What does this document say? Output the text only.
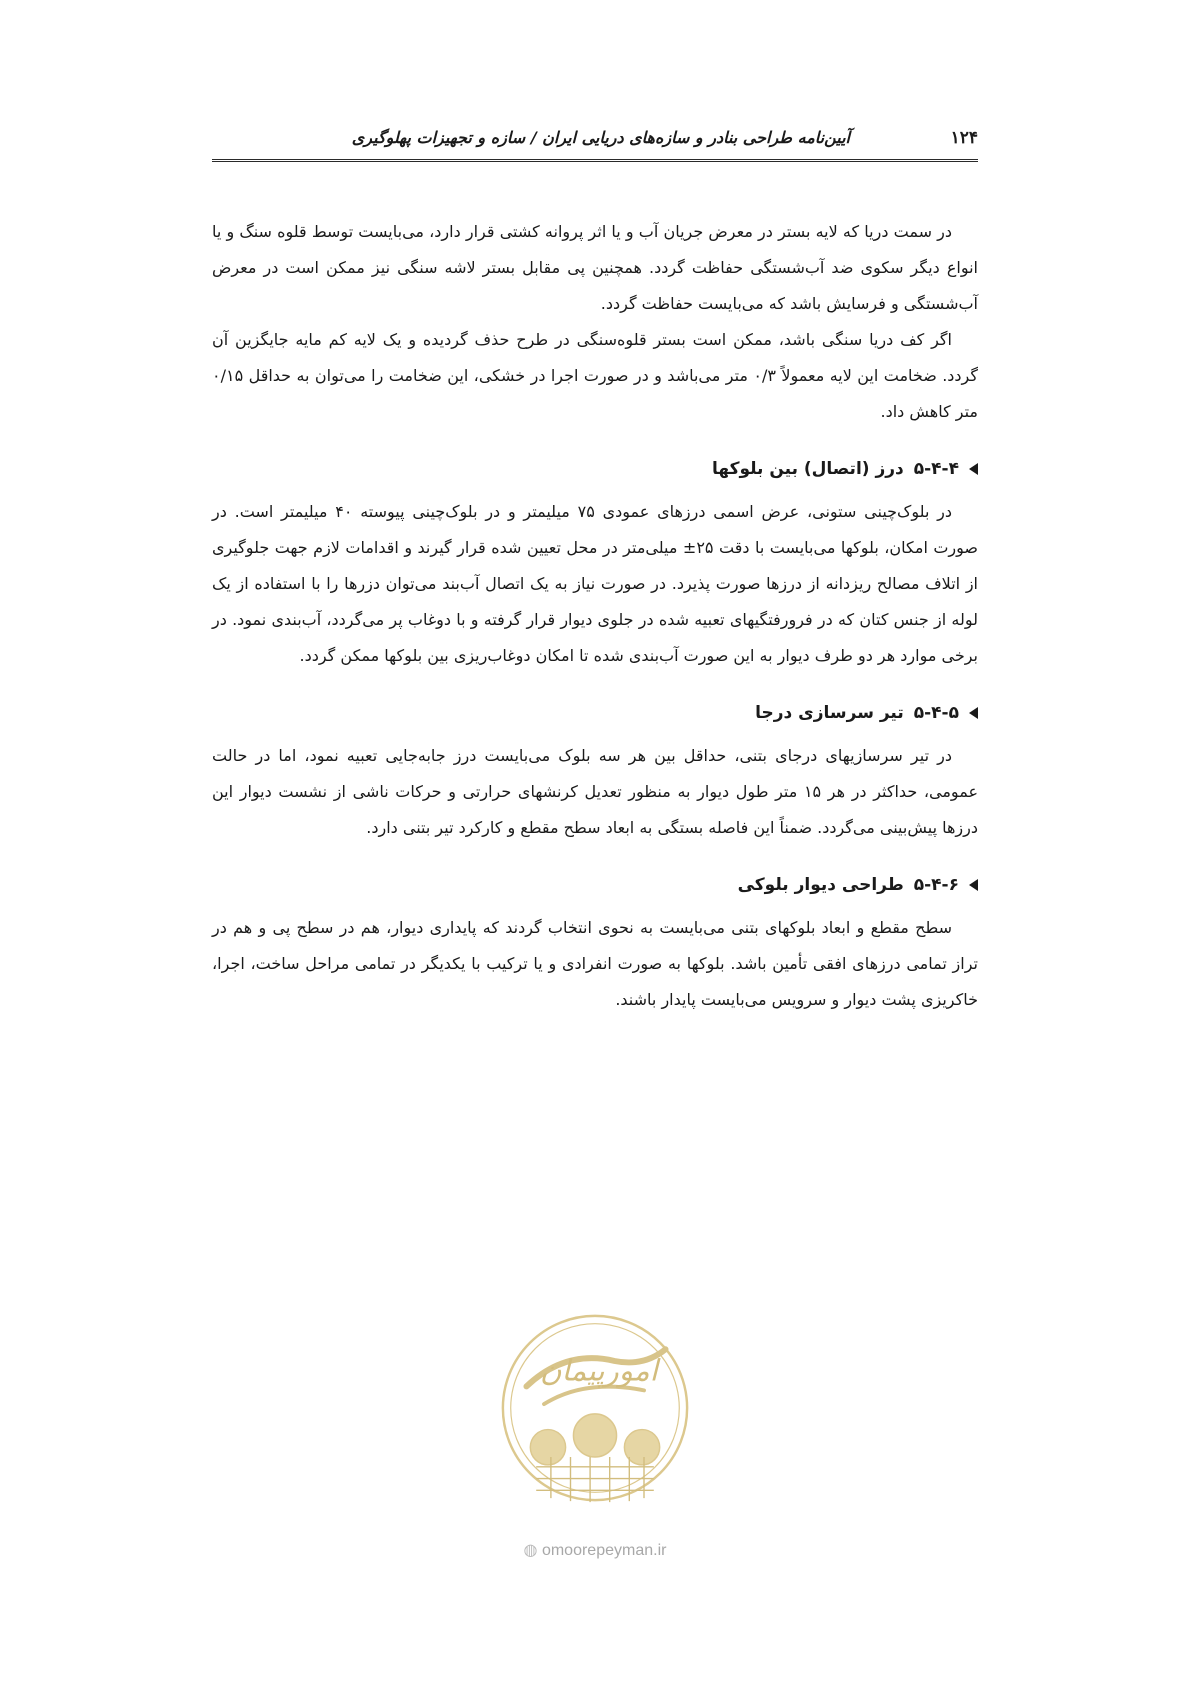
۱۲۴
آیین‌نامه طراحی بنادر و سازه‌های دریایی ایران / سازه و تجهیزات پهلوگیری

در سمت دریا که لایه بستر در معرض جریان آب و یا اثر پروانه کشتی قرار دارد، می‌بایست توسط قلوه سنگ و یا انواع دیگر سکوی ضد آب‌شستگی حفاظت گردد. همچنین پی مقابل بستر لاشه سنگی نیز ممکن است در معرض آب‌شستگی و فرسایش باشد که می‌بایست حفاظت گردد.

اگر کف دریا سنگی باشد، ممکن است بستر قلوه‌سنگی در طرح حذف گردیده و یک لایه کم مایه جایگزین آن گردد. ضخامت این لایه معمولاً ۰/۳ متر می‌باشد و در صورت اجرا در خشکی، این ضخامت را می‌توان به حداقل ۰/۱۵ متر کاهش داد.

۵-۴-۴
درز (اتصال) بین بلوکها

در بلوک‌چینی ستونی، عرض اسمی درزهای عمودی ۷۵ میلیمتر و در بلوک‌چینی پیوسته ۴۰ میلیمتر است. در صورت امکان، بلوکها می‌بایست با دقت ۲۵± میلی‌متر در محل تعیین شده قرار گیرند و اقدامات لازم جهت جلوگیری از اتلاف مصالح ریزدانه از درزها صورت پذیرد. در صورت نیاز به یک اتصال آب‌بند می‌توان دزرها را با استفاده از یک لوله از جنس کتان که در فرورفتگیهای تعبیه شده در جلوی دیوار قرار گرفته و با دوغاب پر می‌گردد، آب‌بندی نمود. در برخی موارد هر دو طرف دیوار به این صورت آب‌بندی شده تا امکان دوغاب‌ریزی بین بلوکها ممکن گردد.

۵-۴-۵
تیر سرسازی درجا

در تیر سرسازیهای درجای بتنی، حداقل بین هر سه بلوک می‌بایست درز جابه‌جایی تعبیه نمود، اما در حالت عمومی، حداکثر در هر ۱۵ متر طول دیوار به منظور تعدیل کرنشهای حرارتی و حرکات ناشی از نشست دیوار این درزها پیش‌بینی می‌گردد. ضمناً این فاصله بستگی به ابعاد سطح مقطع و کارکرد تیر بتنی دارد.

۵-۴-۶
طراحی دیوار بلوکی

سطح مقطع و ابعاد بلوکهای بتنی می‌بایست به نحوی انتخاب گردند که پایداری دیوار، هم در سطح پی و هم در تراز تمامی درزهای افقی تأمین باشد. بلوکها به صورت انفرادی و یا ترکیب با یکدیگر در تمامی مراحل ساخت، اجرا، خاکریزی پشت دیوار و سرویس می‌بایست پایدار باشند.

امورپیمان
◍ omoorepeyman.ir
